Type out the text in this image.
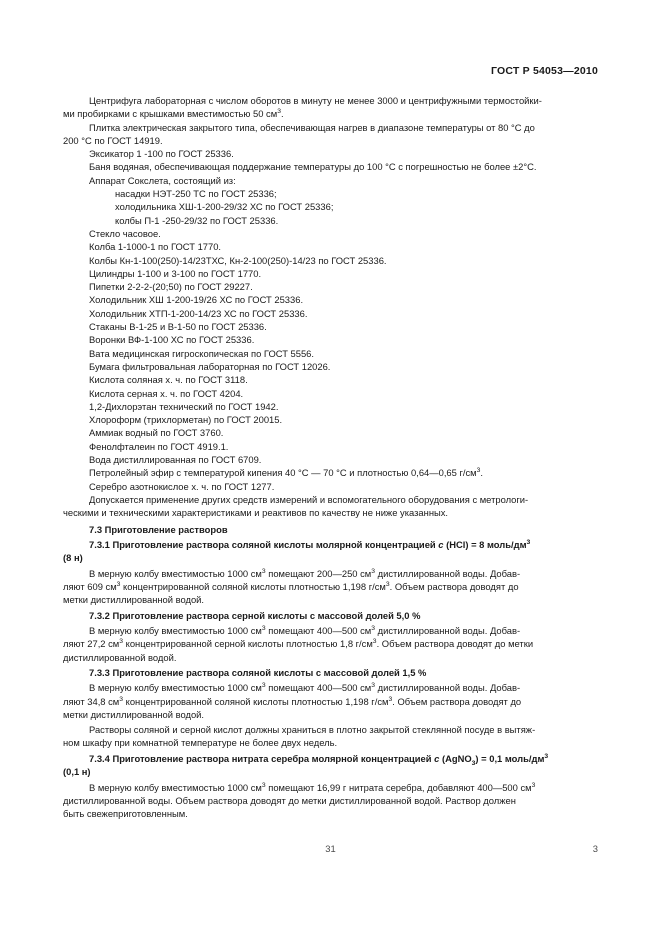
ГОСТ Р 54053—2010

Центрифуга лабораторная с числом оборотов в минуту не менее 3000 и центрифужными термостойки-

ми пробирками с крышками вместимостью 50 $см^3$.

Плитка электрическая закрытого типа, обеспечивающая нагрев в диапазоне температуры от 80 °С до

200 °С по ГОСТ 14919.

Эксикатор 1 -100 по ГОСТ 25336.
Баня водяная, обеспечивающая поддержание температуры до 100 °С с погрешностью не более ±2°С.
Аппарат Сокслета, состоящий из:
насадки НЭТ-250 ТС по ГОСТ 25336;
холодильника ХШ-1-200-29/32 ХС по ГОСТ 25336;
колбы П-1 -250-29/32 по ГОСТ 25336.
Стекло часовое.
Колба 1-1000-1 по ГОСТ 1770.
Колбы Кн-1-100(250)-14/23ТХС, Кн-2-100(250)-14/23 по ГОСТ 25336.
Цилиндры 1-100 и 3-100 по ГОСТ 1770.
Пипетки 2-2-2-(20;50) по ГОСТ 29227.
Холодильник ХШ 1-200-19/26 ХС по ГОСТ 25336.
Холодильник ХТП-1-200-14/23 ХС по ГОСТ 25336.
Стаканы В-1-25 и В-1-50 по ГОСТ 25336.
Воронки ВФ-1-100 ХС по ГОСТ 25336.
Вата медицинская гигроскопическая по ГОСТ 5556.
Бумага фильтровальная лабораторная по ГОСТ 12026.
Кислота соляная х. ч. по ГОСТ 3118.
Кислота серная х. ч. по ГОСТ 4204.
1,2-Дихлорэтан технический по ГОСТ 1942.
Хлороформ (трихлорметан) по ГОСТ 20015.
Аммиак водный по ГОСТ 3760.
Фенолфталеин по ГОСТ 4919.1.
Вода дистиллированная по ГОСТ 6709.
Петролейный эфир с температурой кипения 40 °С — 70 °С и плотностью 0,64—0,65 $г/см^3$.
Серебро азотнокислое х. ч. по ГОСТ 1277.

Допускается применение других средств измерений и вспомогательного оборудования с метрологи-

ческими и техническими характеристиками и реактивов по качеству не ниже указанных.

7.3 Приготовление растворов
7.3.1 Приготовление раствора соляной кислоты молярной концентрацией c (HCl) = 8 моль/$дм^3$
(8 н)

В мерную колбу вместимостью 1000 $см^3$ помещают 200—250 $см^3$ дистиллированной воды. Добав-

ляют 609 $см^3$ концентрированной соляной кислоты плотностью 1,198 $г/см^3$. Объем раствора доводят до

метки дистиллированной водой.

7.3.2 Приготовление раствора серной кислоты с массовой долей 5,0 %

В мерную колбу вместимостью 1000 $см^3$ помещают 400—500 $см^3$ дистиллированной воды. Добав-

ляют 27,2 $см^3$ концентрированной серной кислоты плотностью 1,8 $г/см^3$. Объем раствора доводят до метки

дистиллированной водой.

7.3.3 Приготовление раствора соляной кислоты с массовой долей 1,5 %

В мерную колбу вместимостью 1000 $см^3$ помещают 400—500 $см^3$ дистиллированной воды. Добав-

ляют 34,8 $см^3$ концентрированной соляной кислоты плотностью 1,198 $г/см^3$. Объем раствора доводят до

метки дистиллированной водой.

Растворы соляной и серной кислот должны храниться в плотно закрытой стеклянной посуде в вытяж-

ном шкафу при комнатной температуре не более двух недель.

7.3.4 Приготовление раствора нитрата серебра молярной концентрацией c (AgNO$_3$) = 0,1 моль/$дм^3$
(0,1 н)

В мерную колбу вместимостью 1000 $см^3$ помещают 16,99 г нитрата серебра, добавляют 400—500 $см^3$

дистиллированной воды. Объем раствора доводят до метки дистиллированной водой. Раствор должен

быть свежеприготовленным.

31	3
